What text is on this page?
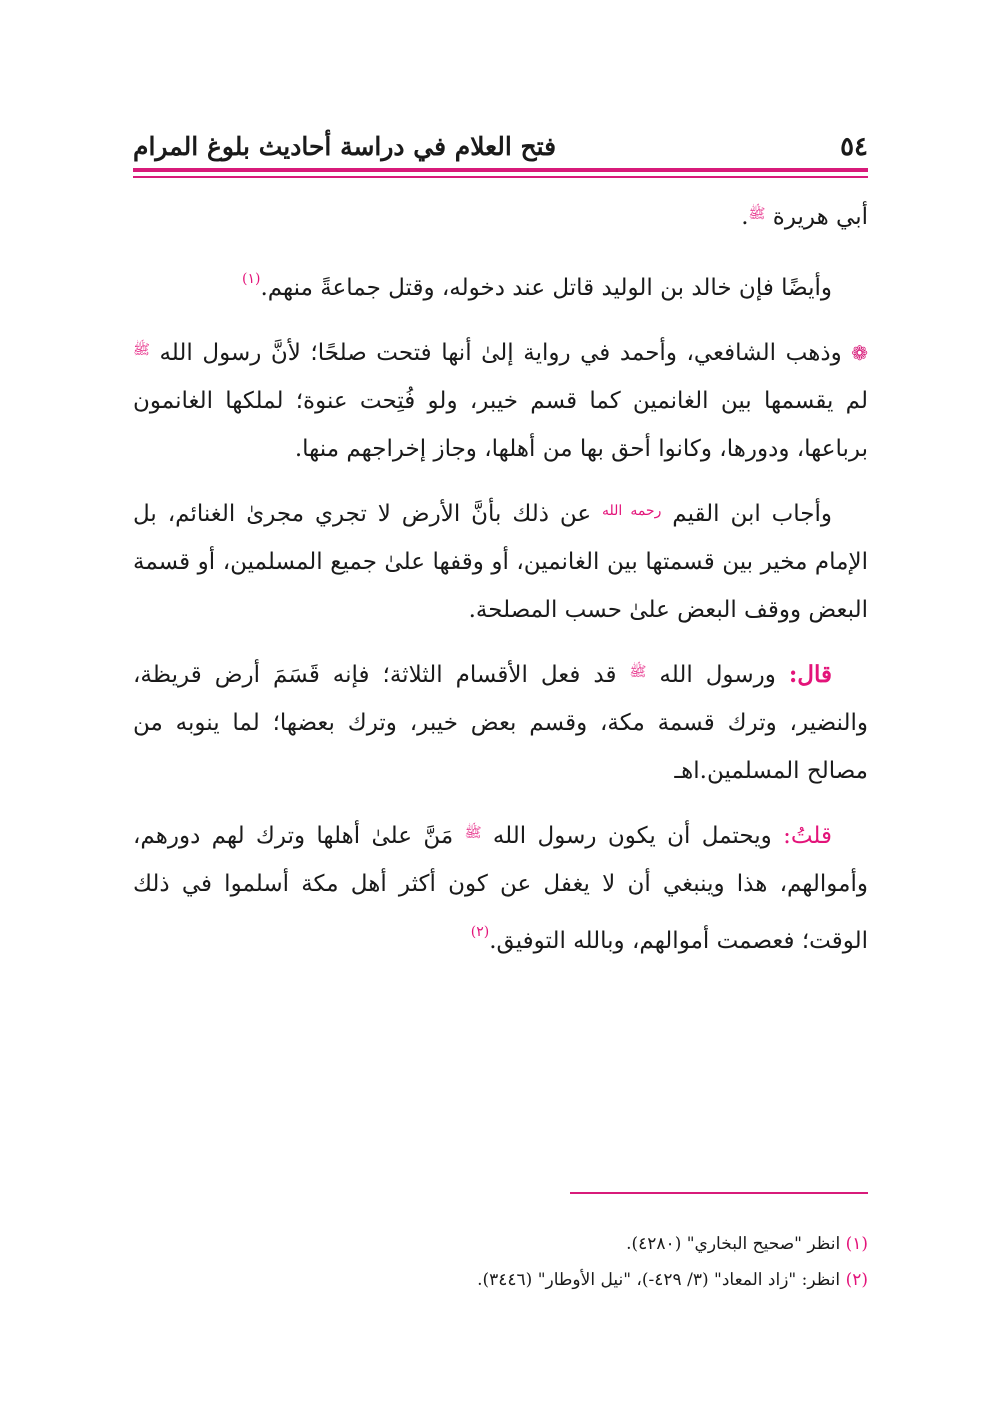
٥٤
فتح العلام في دراسة أحاديث بلوغ المرام

أبي هريرة $^ﷺ$.

وأيضًا فإن خالد بن الوليد قاتل عند دخوله، وقتل جماعةً منهم.$^{(١)}$

❁ وذهب الشافعي، وأحمد في رواية إلىٰ أنها فتحت صلحًا؛ لأنَّ رسول الله $^ﷺ$ لم يقسمها بين الغانمين كما قسم خيبر، ولو فُتِحت عنوة؛ لملكها الغانمون برباعها، ودورها، وكانوا أحق بها من أهلها، وجاز إخراجهم منها.

وأجاب ابن القيم $^{رحمه الله}$ عن ذلك بأنَّ الأرض لا تجري مجرىٰ الغنائم، بل الإمام مخير بين قسمتها بين الغانمين، أو وقفها علىٰ جميع المسلمين، أو قسمة البعض ووقف البعض علىٰ حسب المصلحة.

قال: ورسول الله $^ﷺ$ قد فعل الأقسام الثلاثة؛ فإنه قَسَمَ أرض قريظة، والنضير، وترك قسمة مكة، وقسم بعض خيبر، وترك بعضها؛ لما ينوبه من مصالح المسلمين.اهـ

قلتُ: ويحتمل أن يكون رسول الله $^ﷺ$ مَنَّ علىٰ أهلها وترك لهم دورهم، وأموالهم، هذا وينبغي أن لا يغفل عن كون أكثر أهل مكة أسلموا في ذلك الوقت؛ فعصمت أموالهم، وبالله التوفيق.$^{(٢)}$

(١) انظر "صحيح البخاري" (٤٢٨٠).

(٢) انظر: "زاد المعاد" (٣/ ٤٢٩-)، "نيل الأوطار" (٣٤٤٦).
